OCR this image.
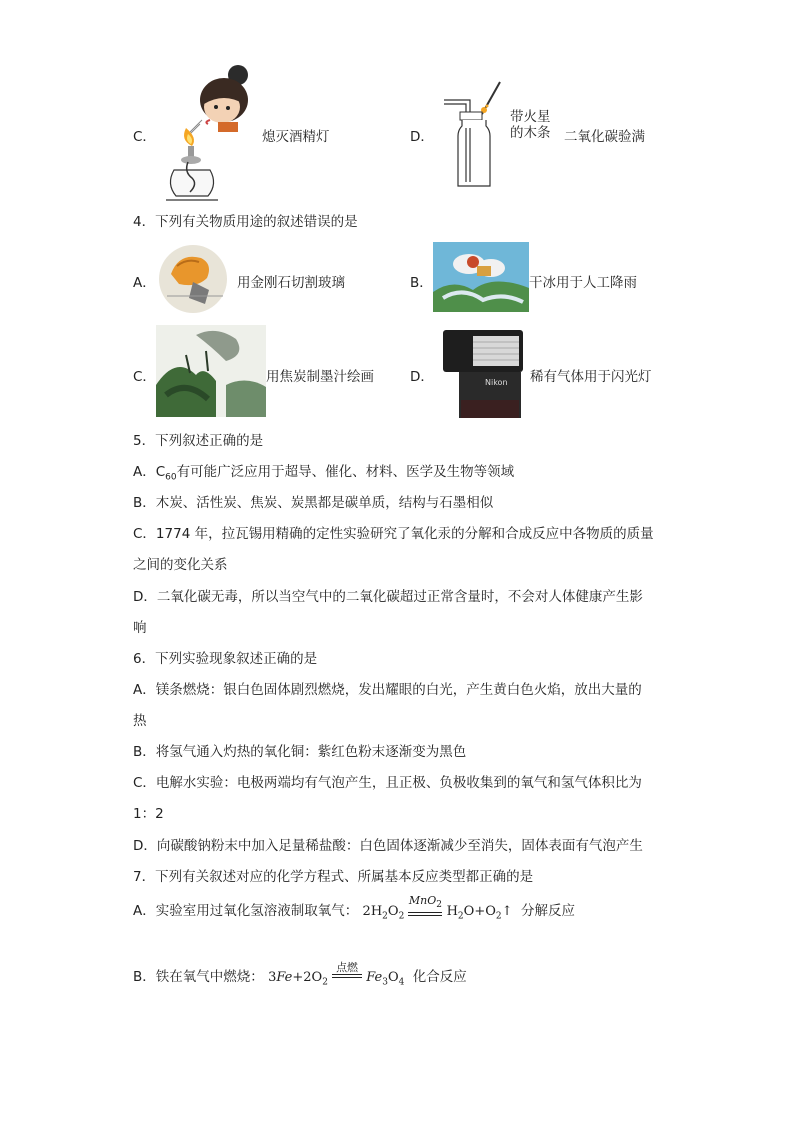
C．	熄灭酒精灯	D．
带火星
的木条 二氧化碳验满
4．下列有关物质用途的叙述错误的是
A．	用金刚石切割玻璃	B．	干冰用于人工降雨
C．	用焦炭制墨汁绘画	D．	Nikon 稀有气体用于闪光灯
5．下列叙述正确的是
A．$C_{60}$有可能广泛应用于超导、催化、材料、医学及生物等领域
B．木炭、活性炭、焦炭、炭黑都是碳单质，结构与石墨相似
C．1774 年，拉瓦锡用精确的定性实验研究了氧化汞的分解和合成反应中各物质的质量
之间的变化关系
D．二氧化碳无毒，所以当空气中的二氧化碳超过正常含量时，不会对人体健康产生影
响
6．下列实验现象叙述正确的是
A．镁条燃烧：银白色固体剧烈燃烧，发出耀眼的白光，产生黄白色火焰，放出大量的
热
B．将氢气通入灼热的氧化铜：紫红色粉末逐渐变为黑色
C．电解水实验：电极两端均有气泡产生，且正极、负极收集到的氧气和氢气体积比为
1：2
D．向碳酸钠粉末中加入足量稀盐酸：白色固体逐渐减少至消失，固体表面有气泡产生
7．下列有关叙述对应的化学方程式、所属基本反应类型都正确的是
A．实验室用过氧化氢溶液制取氧气： $2H_2O_2$
MnO$_2$ $H_2O+O_2↑$ 分解反应
B．铁在氧气中燃烧： $3Fe+2O_2$
点燃
$Fe_3O_4$ 化合反应
